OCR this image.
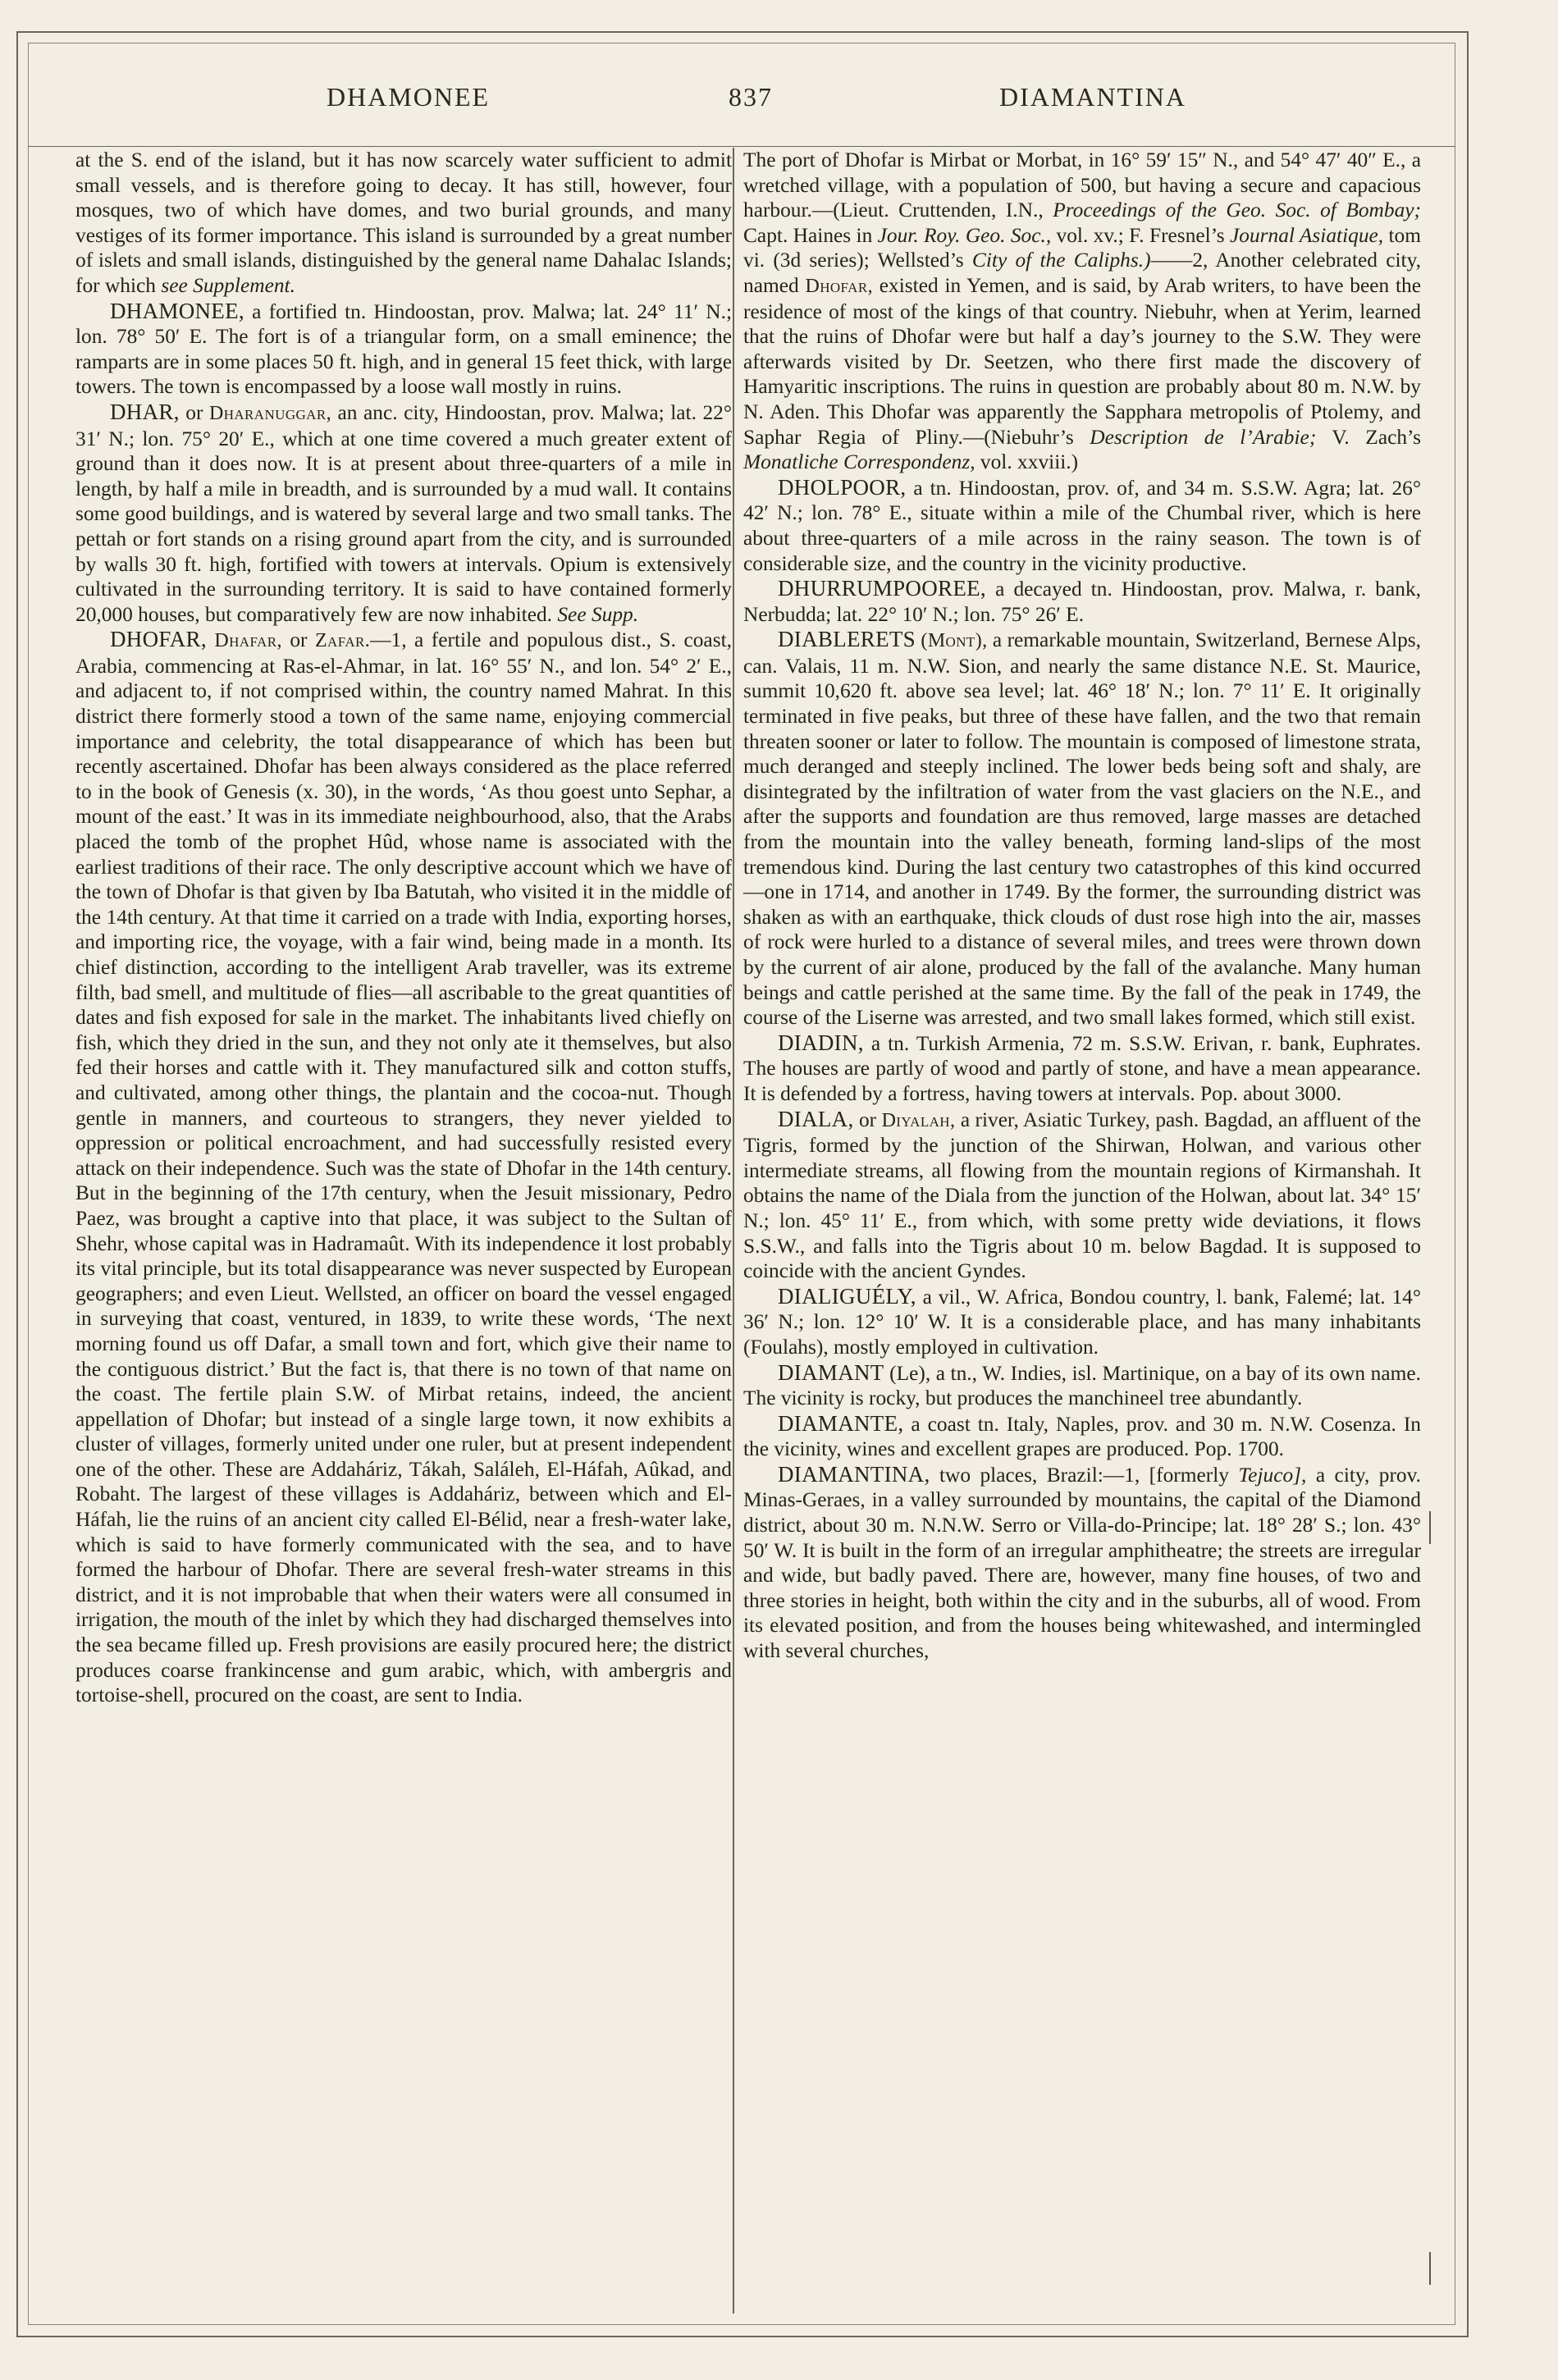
DHAMONEE	837	DIAMANTINA

at the S. end of the island, but it has now scarcely water sufficient to admit small vessels, and is therefore going to decay. It has still, however, four mosques, two of which have domes, and two burial grounds, and many vestiges of its former importance. This island is surrounded by a great number of islets and small islands, distinguished by the general name Dahalac Islands; for which see Supplement.

DHAMONEE, a fortified tn. Hindoostan, prov. Malwa; lat. 24° 11′ N.; lon. 78° 50′ E. The fort is of a triangular form, on a small eminence; the ramparts are in some places 50 ft. high, and in general 15 feet thick, with large towers. The town is encompassed by a loose wall mostly in ruins.

DHAR, or Dharanuggar, an anc. city, Hindoostan, prov. Malwa; lat. 22° 31′ N.; lon. 75° 20′ E., which at one time covered a much greater extent of ground than it does now. It is at present about three-quarters of a mile in length, by half a mile in breadth, and is surrounded by a mud wall. It contains some good buildings, and is watered by several large and two small tanks. The pettah or fort stands on a rising ground apart from the city, and is surrounded by walls 30 ft. high, fortified with towers at intervals. Opium is extensively cultivated in the surrounding territory. It is said to have contained formerly 20,000 houses, but comparatively few are now inhabited. See Supp.

DHOFAR, Dhafar, or Zafar.—1, a fertile and populous dist., S. coast, Arabia, commencing at Ras-el-Ahmar, in lat. 16° 55′ N., and lon. 54° 2′ E., and adjacent to, if not comprised within, the country named Mahrat. In this district there formerly stood a town of the same name, enjoying commercial importance and celebrity, the total disappearance of which has been but recently ascertained. Dhofar has been always considered as the place referred to in the book of Genesis (x. 30), in the words, ‘As thou goest unto Sephar, a mount of the east.’ It was in its immediate neighbourhood, also, that the Arabs placed the tomb of the prophet Hûd, whose name is associated with the earliest traditions of their race. The only descriptive account which we have of the town of Dhofar is that given by Iba Batutah, who visited it in the middle of the 14th century. At that time it carried on a trade with India, exporting horses, and importing rice, the voyage, with a fair wind, being made in a month. Its chief distinction, according to the intelligent Arab traveller, was its extreme filth, bad smell, and multitude of flies—all ascribable to the great quantities of dates and fish exposed for sale in the market. The inhabitants lived chiefly on fish, which they dried in the sun, and they not only ate it themselves, but also fed their horses and cattle with it. They manufactured silk and cotton stuffs, and cultivated, among other things, the plantain and the cocoa-nut. Though gentle in manners, and courteous to strangers, they never yielded to oppression or political encroachment, and had successfully resisted every attack on their independence. Such was the state of Dhofar in the 14th century. But in the beginning of the 17th century, when the Jesuit missionary, Pedro Paez, was brought a captive into that place, it was subject to the Sultan of Shehr, whose capital was in Hadramaût. With its independence it lost probably its vital principle, but its total disappearance was never suspected by European geographers; and even Lieut. Wellsted, an officer on board the vessel engaged in surveying that coast, ventured, in 1839, to write these words, ‘The next morning found us off Dafar, a small town and fort, which give their name to the contiguous district.’ But the fact is, that there is no town of that name on the coast. The fertile plain S.W. of Mirbat retains, indeed, the ancient appellation of Dhofar; but instead of a single large town, it now exhibits a cluster of villages, formerly united under one ruler, but at present independent one of the other. These are Addaháriz, Tákah, Saláleh, El-Háfah, Aûkad, and Robaht. The largest of these villages is Addaháriz, between which and El-Háfah, lie the ruins of an ancient city called El-Bélid, near a fresh-water lake, which is said to have formerly communicated with the sea, and to have formed the harbour of Dhofar. There are several fresh-water streams in this district, and it is not improbable that when their waters were all consumed in irrigation, the mouth of the inlet by which they had discharged themselves into the sea became filled up. Fresh provisions are easily procured here; the district produces coarse frankincense and gum arabic, which, with ambergris and tortoise-shell, procured on the coast, are sent to India.

The port of Dhofar is Mirbat or Morbat, in 16° 59′ 15″ N., and 54° 47′ 40″ E., a wretched village, with a population of 500, but having a secure and capacious harbour.—(Lieut. Cruttenden, I.N., Proceedings of the Geo. Soc. of Bombay; Capt. Haines in Jour. Roy. Geo. Soc., vol. xv.; F. Fresnel’s Journal Asiatique, tom vi. (3d series); Wellsted’s City of the Caliphs.)——2, Another celebrated city, named Dhofar, existed in Yemen, and is said, by Arab writers, to have been the residence of most of the kings of that country. Niebuhr, when at Yerim, learned that the ruins of Dhofar were but half a day’s journey to the S.W. They were afterwards visited by Dr. Seetzen, who there first made the discovery of Hamyaritic inscriptions. The ruins in question are probably about 80 m. N.W. by N. Aden. This Dhofar was apparently the Sapphara metropolis of Ptolemy, and Saphar Regia of Pliny.—(Niebuhr’s Description de l’Arabie; V. Zach’s Monatliche Correspondenz, vol. xxviii.)

DHOLPOOR, a tn. Hindoostan, prov. of, and 34 m. S.S.W. Agra; lat. 26° 42′ N.; lon. 78° E., situate within a mile of the Chumbal river, which is here about three-quarters of a mile across in the rainy season. The town is of considerable size, and the country in the vicinity productive.

DHURRUMPOOREE, a decayed tn. Hindoostan, prov. Malwa, r. bank, Nerbudda; lat. 22° 10′ N.; lon. 75° 26′ E.

DIABLERETS (Mont), a remarkable mountain, Switzerland, Bernese Alps, can. Valais, 11 m. N.W. Sion, and nearly the same distance N.E. St. Maurice, summit 10,620 ft. above sea level; lat. 46° 18′ N.; lon. 7° 11′ E. It originally terminated in five peaks, but three of these have fallen, and the two that remain threaten sooner or later to follow. The mountain is composed of limestone strata, much deranged and steeply inclined. The lower beds being soft and shaly, are disintegrated by the infiltration of water from the vast glaciers on the N.E., and after the supports and foundation are thus removed, large masses are detached from the mountain into the valley beneath, forming land-slips of the most tremendous kind. During the last century two catastrophes of this kind occurred—one in 1714, and another in 1749. By the former, the surrounding district was shaken as with an earthquake, thick clouds of dust rose high into the air, masses of rock were hurled to a distance of several miles, and trees were thrown down by the current of air alone, produced by the fall of the avalanche. Many human beings and cattle perished at the same time. By the fall of the peak in 1749, the course of the Liserne was arrested, and two small lakes formed, which still exist.

DIADIN, a tn. Turkish Armenia, 72 m. S.S.W. Erivan, r. bank, Euphrates. The houses are partly of wood and partly of stone, and have a mean appearance. It is defended by a fortress, having towers at intervals. Pop. about 3000.

DIALA, or Diyalah, a river, Asiatic Turkey, pash. Bagdad, an affluent of the Tigris, formed by the junction of the Shirwan, Holwan, and various other intermediate streams, all flowing from the mountain regions of Kirmanshah. It obtains the name of the Diala from the junction of the Holwan, about lat. 34° 15′ N.; lon. 45° 11′ E., from which, with some pretty wide deviations, it flows S.S.W., and falls into the Tigris about 10 m. below Bagdad. It is supposed to coincide with the ancient Gyndes.

DIALIGUÉLY, a vil., W. Africa, Bondou country, l. bank, Falemé; lat. 14° 36′ N.; lon. 12° 10′ W. It is a considerable place, and has many inhabitants (Foulahs), mostly employed in cultivation.

DIAMANT (Le), a tn., W. Indies, isl. Martinique, on a bay of its own name. The vicinity is rocky, but produces the manchineel tree abundantly.

DIAMANTE, a coast tn. Italy, Naples, prov. and 30 m. N.W. Cosenza. In the vicinity, wines and excellent grapes are produced. Pop. 1700.

DIAMANTINA, two places, Brazil:—1, [formerly Tejuco], a city, prov. Minas-Geraes, in a valley surrounded by mountains, the capital of the Diamond district, about 30 m. N.N.W. Serro or Villa-do-Principe; lat. 18° 28′ S.; lon. 43° 50′ W. It is built in the form of an irregular amphitheatre; the streets are irregular and wide, but badly paved. There are, however, many fine houses, of two and three stories in height, both within the city and in the suburbs, all of wood. From its elevated position, and from the houses being whitewashed, and intermingled with several churches,
